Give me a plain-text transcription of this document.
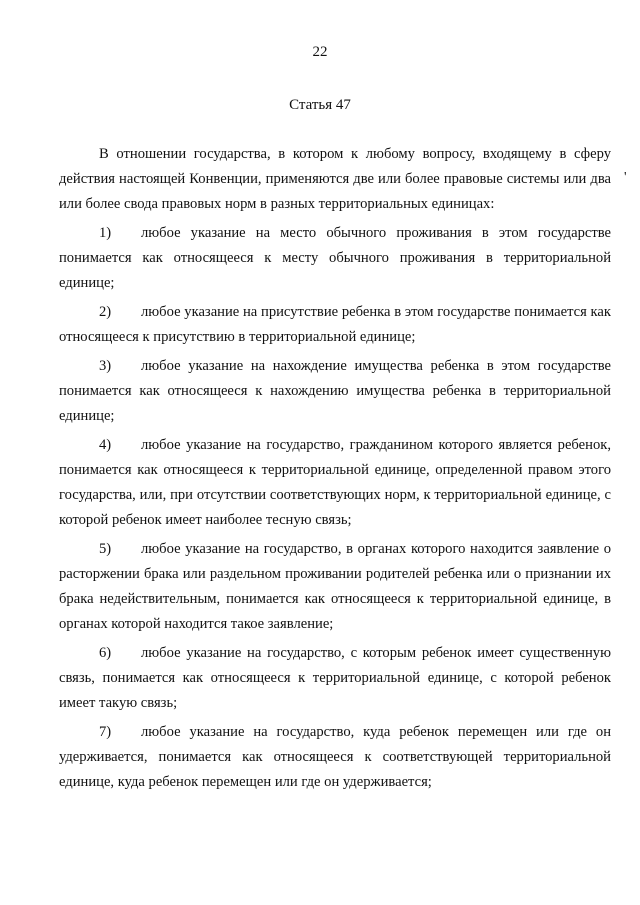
22
Статья 47
'

В отношении государства, в котором к любому вопросу, входящему в сферу действия настоящей Конвенции, применяются две или более правовые системы или два или более свода правовых норм в разных территориальных единицах:

1) любое указание на место обычного проживания в этом государстве понимается как относящееся к месту обычного проживания в территориальной единице;

2) любое указание на присутствие ребенка в этом государстве понимается как относящееся к присутствию в территориальной единице;

3) любое указание на нахождение имущества ребенка в этом государстве понимается как относящееся к нахождению имущества ребенка в территориальной единице;

4) любое указание на государство, гражданином которого является ребенок, понимается как относящееся к территориальной единице, определенной правом этого государства, или, при отсутствии соответствующих норм, к территориальной единице, с которой ребенок имеет наиболее тесную связь;

5) любое указание на государство, в органах которого находится заявление о расторжении брака или раздельном проживании родителей ребенка или о признании их брака недействительным, понимается как относящееся к территориальной единице, в органах которой находится такое заявление;

6) любое указание на государство, с которым ребенок имеет существенную связь, понимается как относящееся к территориальной единице, с которой ребенок имеет такую связь;

7) любое указание на государство, куда ребенок перемещен или где он удерживается, понимается как относящееся к соответствующей территориальной единице, куда ребенок перемещен или где он удерживается;
